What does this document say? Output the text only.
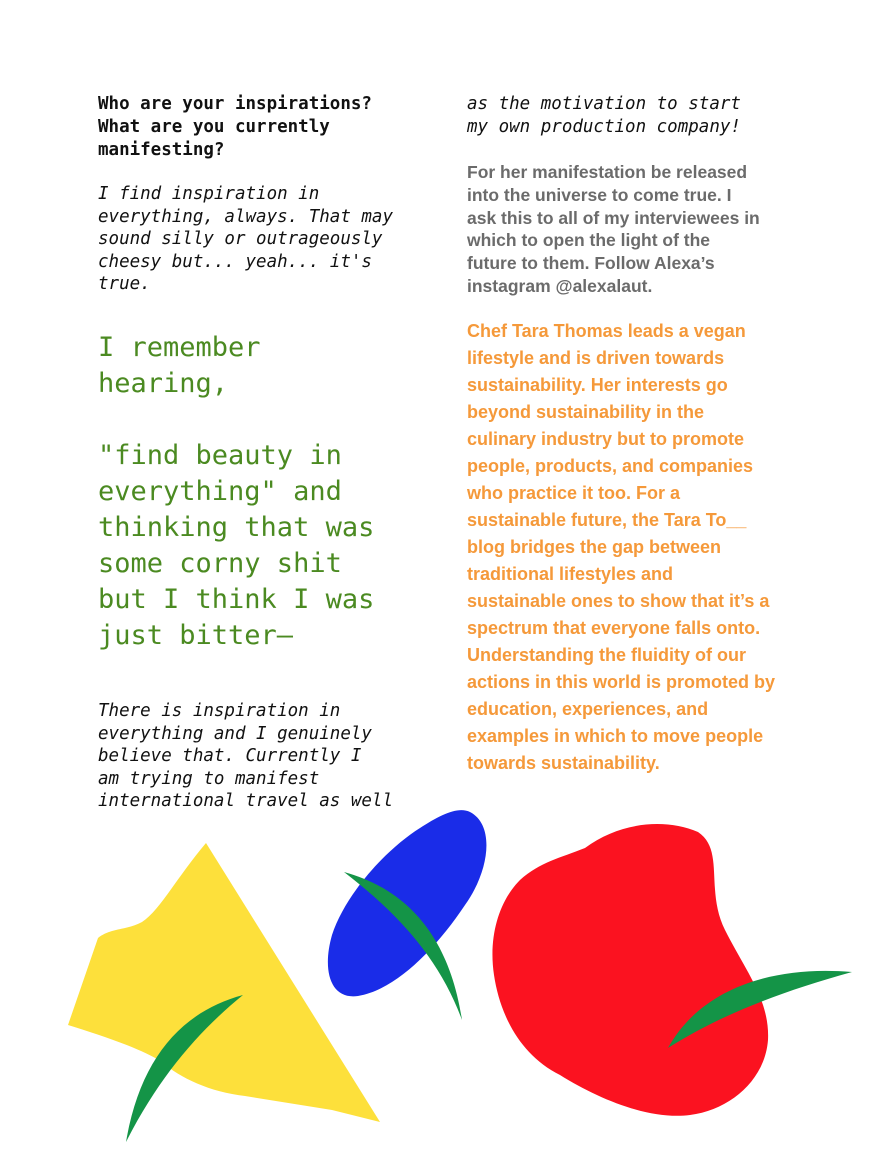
Who are your inspirations?
What are you currently
manifesting?

I find inspiration in
everything, always. That may
sound silly or outrageously
cheesy but... yeah... it's
true.

I remember
hearing,

"find beauty in
everything" and
thinking that was
some corny shit
but I think I was
just bitter—

There is inspiration in
everything and I genuinely
believe that. Currently I
am trying to manifest
international travel as well

as the motivation to start
my own production company!

For her manifestation be released
into the universe to come true. I
ask this to all of my interviewees in
which to open the light of the
future to them. Follow Alexa’s
instagram @alexalaut.

Chef Tara Thomas leads a vegan
lifestyle and is driven towards
sustainability. Her interests go
beyond sustainability in the
culinary industry but to promote
people, products, and companies
who practice it too. For a
sustainable future, the Tara To__
blog bridges the gap between
traditional lifestyles and
sustainable ones to show that it’s a
spectrum that everyone falls onto.
Understanding the fluidity of our
actions in this world is promoted by
education, experiences, and
examples in which to move people
towards sustainability.
